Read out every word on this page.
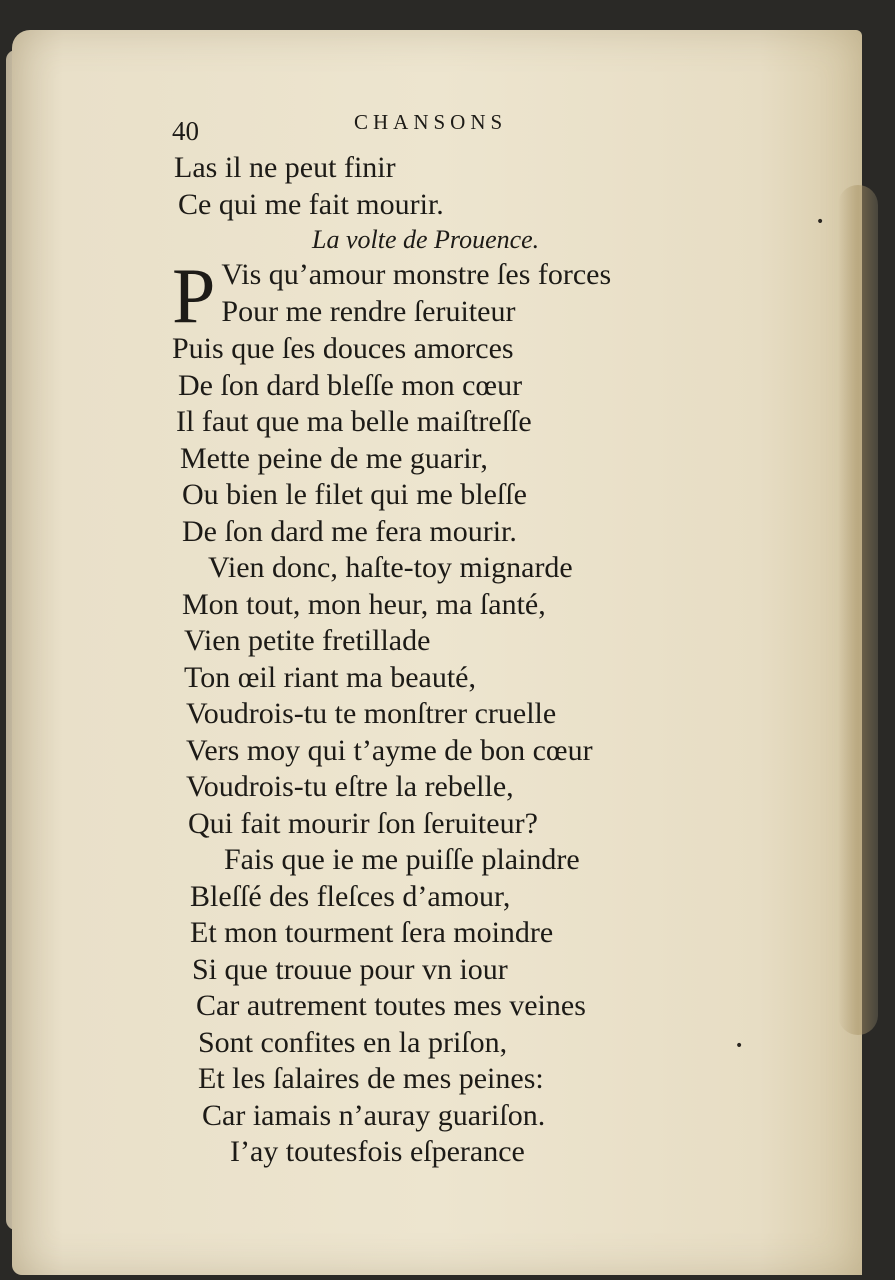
40	CHANSONS
Las il ne peut finir
Ce qui me fait mourir.
La volte de Prouence.
P Vis qu’amour monstre ſes forces
Pour me rendre ſeruiteur
Puis que ſes douces amorces
De ſon dard bleſſe mon cœur
Il faut que ma belle maiſtreſſe
Mette peine de me guarir,
Ou bien le filet qui me bleſſe
De ſon dard me fera mourir.
Vien donc, haſte-toy mignarde
Mon tout, mon heur, ma ſanté,
Vien petite fretillade
Ton œil riant ma beauté,
Voudrois-tu te monſtrer cruelle
Vers moy qui t’ayme de bon cœur
Voudrois-tu eſtre la rebelle,
Qui fait mourir ſon ſeruiteur?
Fais que ie me puiſſe plaindre
Bleſſé des fleſces d’amour,
Et mon tourment ſera moindre
Si que trouue pour vn iour
Car autrement toutes mes veines
Sont confites en la priſon,
Et les ſalaires de mes peines:
Car iamais n’auray guariſon.
I’ay toutesfois eſperance
•
•
